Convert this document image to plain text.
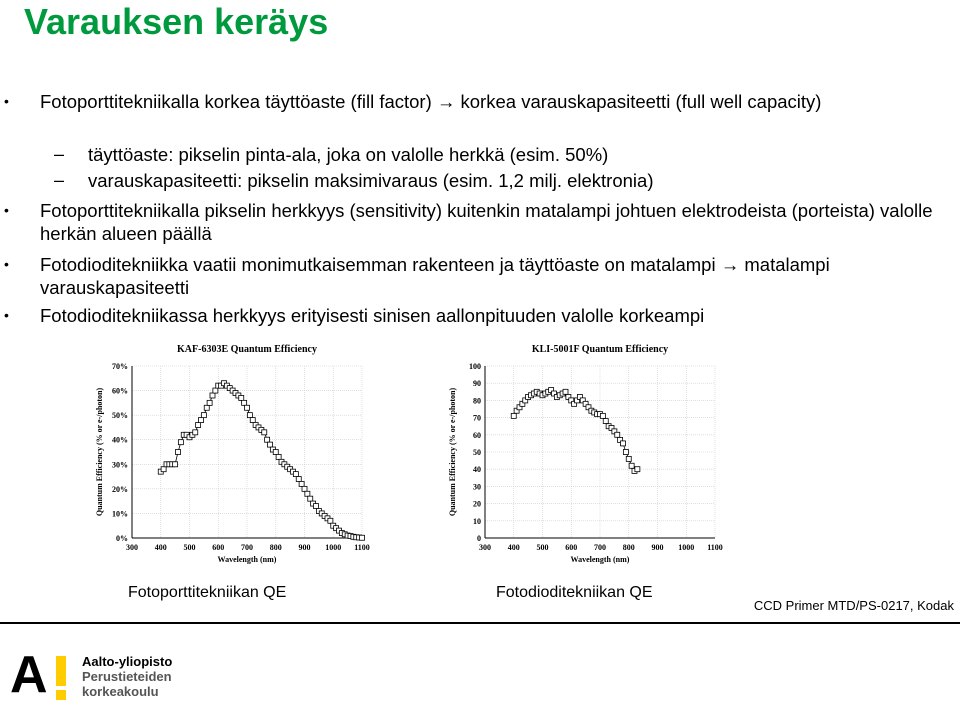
Varauksen keräys
• Fotoporttitekniikalla korkea täyttöaste (fill factor) → korkea varauskapasiteetti (full well capacity)
– täyttöaste: pikselin pinta-ala, joka on valolle herkkä (esim. 50%)
– varauskapasiteetti: pikselin maksimivaraus (esim. 1,2 milj. elektronia)
• Fotoporttitekniikalla pikselin herkkyys (sensitivity) kuitenkin matalampi johtuen elektrodeista (porteista) valolle herkän alueen päällä
• Fotodioditekniikka vaatii monimutkaisemman rakenteen ja täyttöaste on matalampi → matalampi varauskapasiteetti
• Fotodioditekniikassa herkkyys erityisesti sinisen aallonpituuden valolle korkeampi
KAF-6303E Quantum Efficiency
0%
10%
20%
30%
40%
50%
60%
70%
300 400 500 600 700 800 900 1000 1100
Wavelength (nm)
Quantum Efficiency (% or e-/photon)
KLI-5001F Quantum Efficiency
0
10
20
30
40
50
60
70
80
90
100
300 400 500 600 700 800 900 1000 1100
Wavelength (nm)
Quantum Efficiency (% or e-/photon)
Fotoporttitekniikan QE	Fotodioditekniikan QE
CCD Primer MTD/PS-0217, Kodak
A	Aalto-yliopisto
Perustieteiden
korkeakoulu
